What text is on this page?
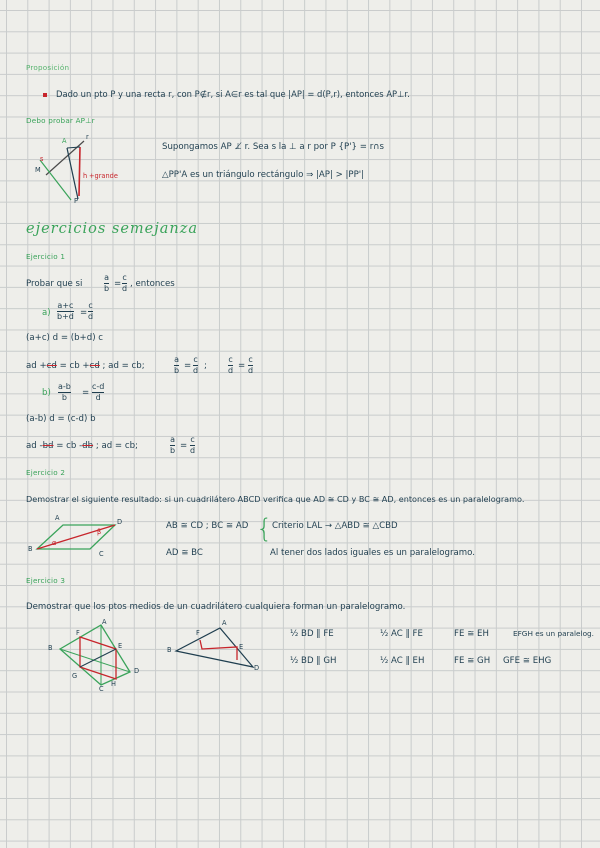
Proposición
Dado un pto P y una recta r, con P∉r, si A∈r es tal que |AP| = d(P,r), entonces AP⊥r.
Debo probar AP⊥r
A	r
M
s
h +grande
P
Supongamos AP ⊥̸ r. Sea s la ⊥ a r por P {P'} = r∩s
△PP'A es un triángulo rectángulo ⇒ |AP| > |PP'|
ejercicios semejanza
Ejercicio 1
Probar que si
a
b =
c
d , entonces
a)
a+c
b+d =
c
d
(a+c) d = (b+d) c
ad +cd = cb +cd ; ad = cb;
a
b =
c
d ;
c
d =
c
d
b)
a-b
b =
c-d
d
(a-b) d = (c-d) b
ad -bd = cb -db ; ad = cb;
a
b =
c
d
Ejercicio 2
Demostrar el siguiente resultado: si un cuadrilátero ABCD verifica que AD ≅ CD y BC ≅ AD, entonces es un paralelogramo.
A
B
C
D
α
β
AB ≅ CD ; BC ≅ AD
AD ≅ BC
{ Criterio LAL → △ABD ≅ △CBD
Al tener dos lados iguales es un paralelogramo.
Ejercicio 3
Demostrar que los ptos medios de un cuadrilátero cualquiera forman un paralelogramo.
F
A
B	E
D
G
H
C
F
A
B	E
D
½ BD ‖ FE	½ AC ‖ FE	FE ≅ EH	EFGH es un paralelog.
½ BD ‖ GH	½ AC ‖ EH	FE ≅ GH GFE ≅ EHG
